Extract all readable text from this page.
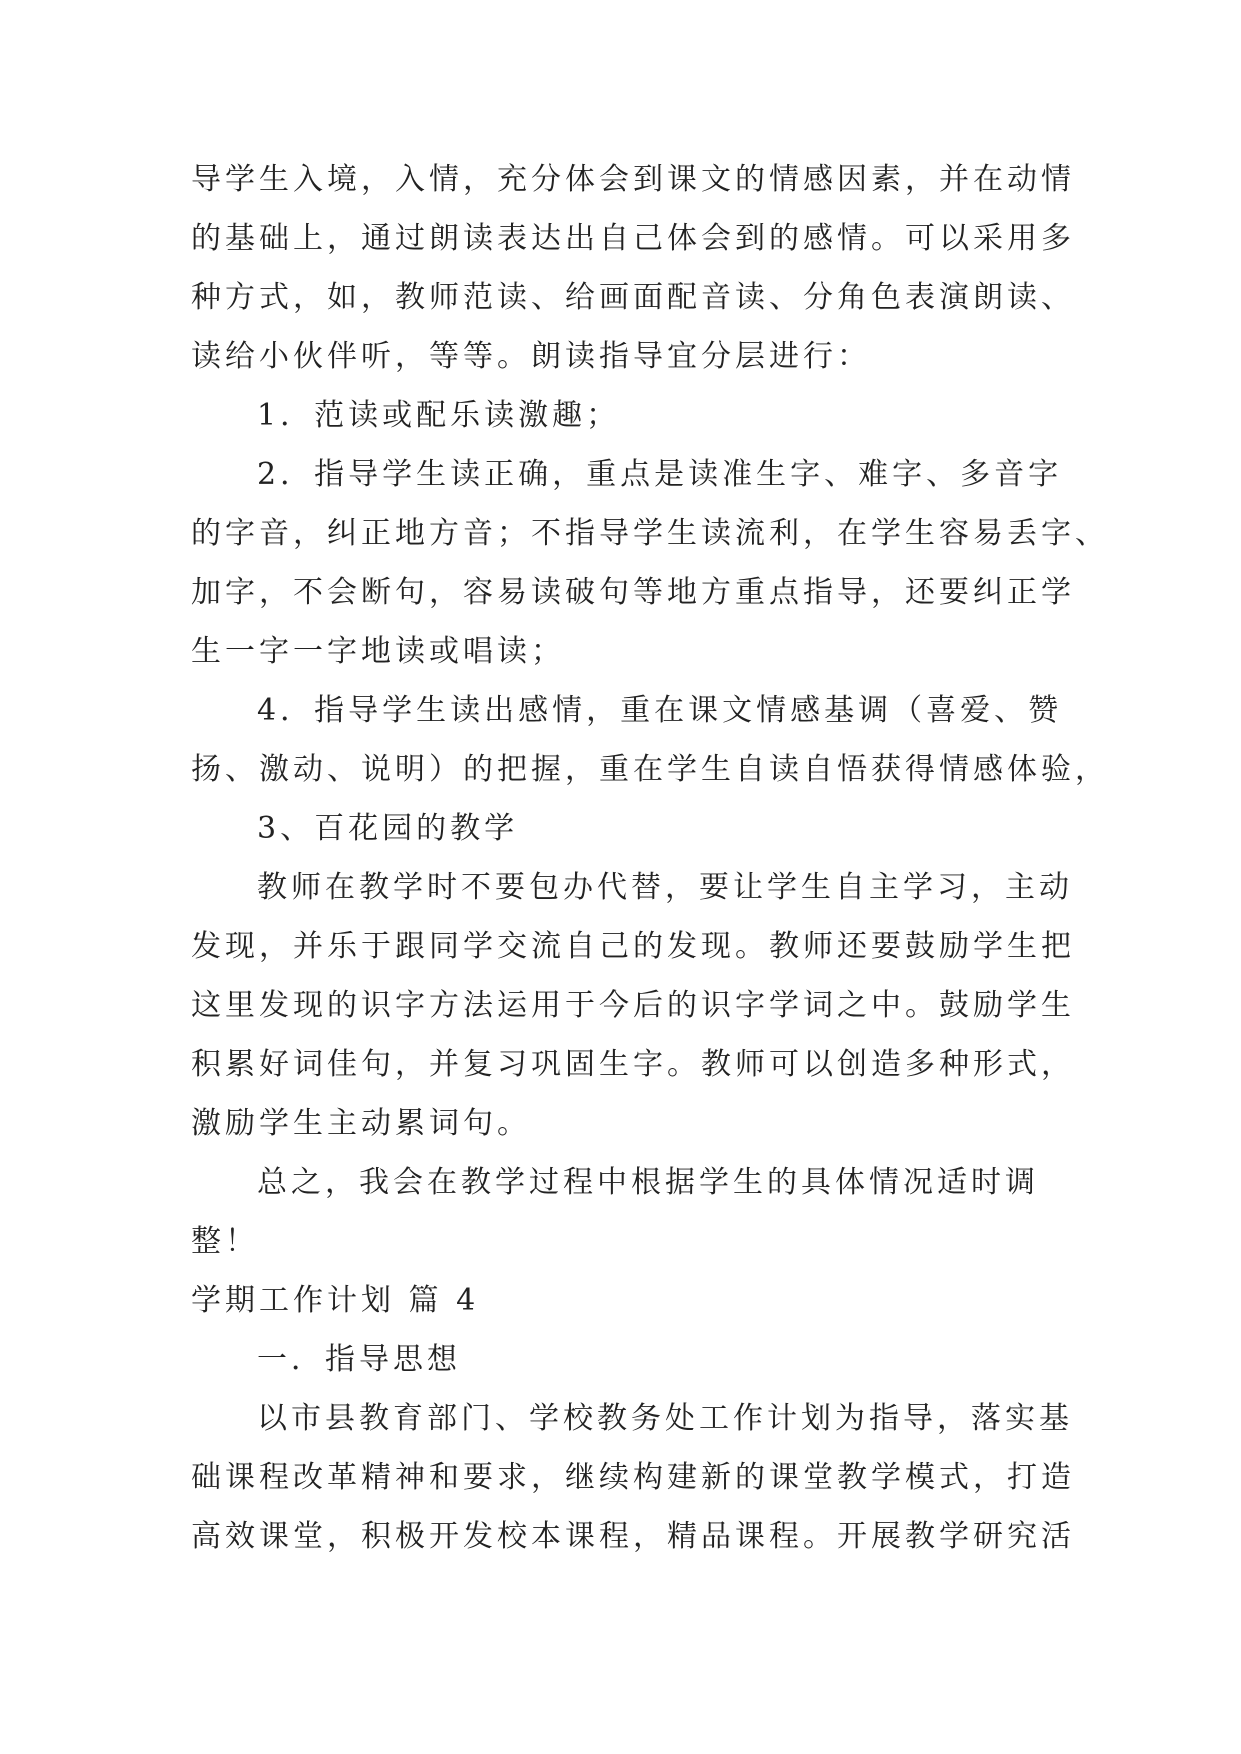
导学生入境，入情，充分体会到课文的情感因素，并在动情
的基础上，通过朗读表达出自己体会到的感情。可以采用多
种方式，如，教师范读、给画面配音读、分角色表演朗读、
读给小伙伴听，等等。朗读指导宜分层进行：
1．范读或配乐读激趣；
2．指导学生读正确，重点是读准生字、难字、多音字
的字音，纠正地方音；不指导学生读流利，在学生容易丢字、
加字，不会断句，容易读破句等地方重点指导，还要纠正学
生一字一字地读或唱读；
4．指导学生读出感情，重在课文情感基调（喜爱、赞
扬、激动、说明）的把握，重在学生自读自悟获得情感体验，
3、百花园的教学
教师在教学时不要包办代替，要让学生自主学习，主动
发现，并乐于跟同学交流自己的发现。教师还要鼓励学生把
这里发现的识字方法运用于今后的识字学词之中。鼓励学生
积累好词佳句，并复习巩固生字。教师可以创造多种形式，
激励学生主动累词句。
总之，我会在教学过程中根据学生的具体情况适时调
整！
学期工作计划 篇 4
一．指导思想
以市县教育部门、学校教务处工作计划为指导，落实基
础课程改革精神和要求，继续构建新的课堂教学模式，打造
高效课堂，积极开发校本课程，精品课程。开展教学研究活
